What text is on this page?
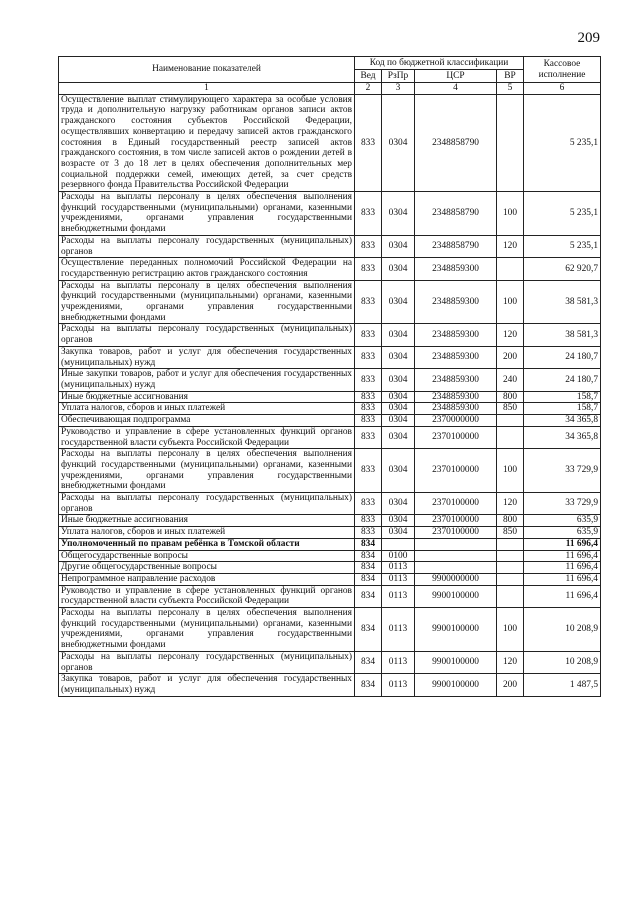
209
Наименование показателей	Код по бюджетной классификации				Кассовое
исполнение
	Вед	РзПр	ЦСР	ВР	
1	2	3	4	5	6
Осуществление выплат стимулирующего характера за особые условия труда и дополнительную нагрузку работникам органов записи актов гражданского состояния субъектов Российской Федерации, осуществлявших конвертацию и передачу записей актов гражданского состояния в Единый государственный реестр записей актов гражданского состояния, в том числе записей актов о рождении детей в возрасте от 3 до 18 лет в целях обеспечения дополнительных мер социальной поддержки семей, имеющих детей, за счет средств резервного фонда Правительства Российской Федерации	833	0304	2348858790		5 235,1
Расходы на выплаты персоналу в целях обеспечения выполнения функций государственными (муниципальными) органами, казенными учреждениями, органами управления государственными внебюджетными фондами	833	0304	2348858790	100	5 235,1
Расходы на выплаты персоналу государственных (муниципальных) органов	833	0304	2348858790	120	5 235,1
Осуществление переданных полномочий Российской Федерации на государственную регистрацию актов гражданского состояния	833	0304	2348859300		62 920,7
Расходы на выплаты персоналу в целях обеспечения выполнения функций государственными (муниципальными) органами, казенными учреждениями, органами управления государственными внебюджетными фондами	833	0304	2348859300	100	38 581,3
Расходы на выплаты персоналу государственных (муниципальных) органов	833	0304	2348859300	120	38 581,3
Закупка товаров, работ и услуг для обеспечения государственных (муниципальных) нужд	833	0304	2348859300	200	24 180,7
Иные закупки товаров, работ и услуг для обеспечения государственных (муниципальных) нужд	833	0304	2348859300	240	24 180,7
Иные бюджетные ассигнования	833	0304	2348859300	800	158,7
Уплата налогов, сборов и иных платежей	833	0304	2348859300	850	158,7
Обеспечивающая подпрограмма	833	0304	2370000000		34 365,8
Руководство и управление в сфере установленных функций органов государственной власти субъекта Российской Федерации	833	0304	2370100000		34 365,8
Расходы на выплаты персоналу в целях обеспечения выполнения функций государственными (муниципальными) органами, казенными учреждениями, органами управления государственными внебюджетными фондами	833	0304	2370100000	100	33 729,9
Расходы на выплаты персоналу государственных (муниципальных) органов	833	0304	2370100000	120	33 729,9
Иные бюджетные ассигнования	833	0304	2370100000	800	635,9
Уплата налогов, сборов и иных платежей	833	0304	2370100000	850	635,9
Уполномоченный по правам ребёнка в Томской области	834				11 696,4
Общегосударственные вопросы	834	0100			11 696,4
Другие общегосударственные вопросы	834	0113			11 696,4
Непрограммное направление расходов	834	0113	9900000000		11 696,4
Руководство и управление в сфере установленных функций органов государственной власти субъекта Российской Федерации	834	0113	9900100000		11 696,4
Расходы на выплаты персоналу в целях обеспечения выполнения функций государственными (муниципальными) органами, казенными учреждениями, органами управления государственными внебюджетными фондами	834	0113	9900100000	100	10 208,9
Расходы на выплаты персоналу государственных (муниципальных) органов	834	0113	9900100000	120	10 208,9
Закупка товаров, работ и услуг для обеспечения государственных (муниципальных) нужд	834	0113	9900100000	200	1 487,5
